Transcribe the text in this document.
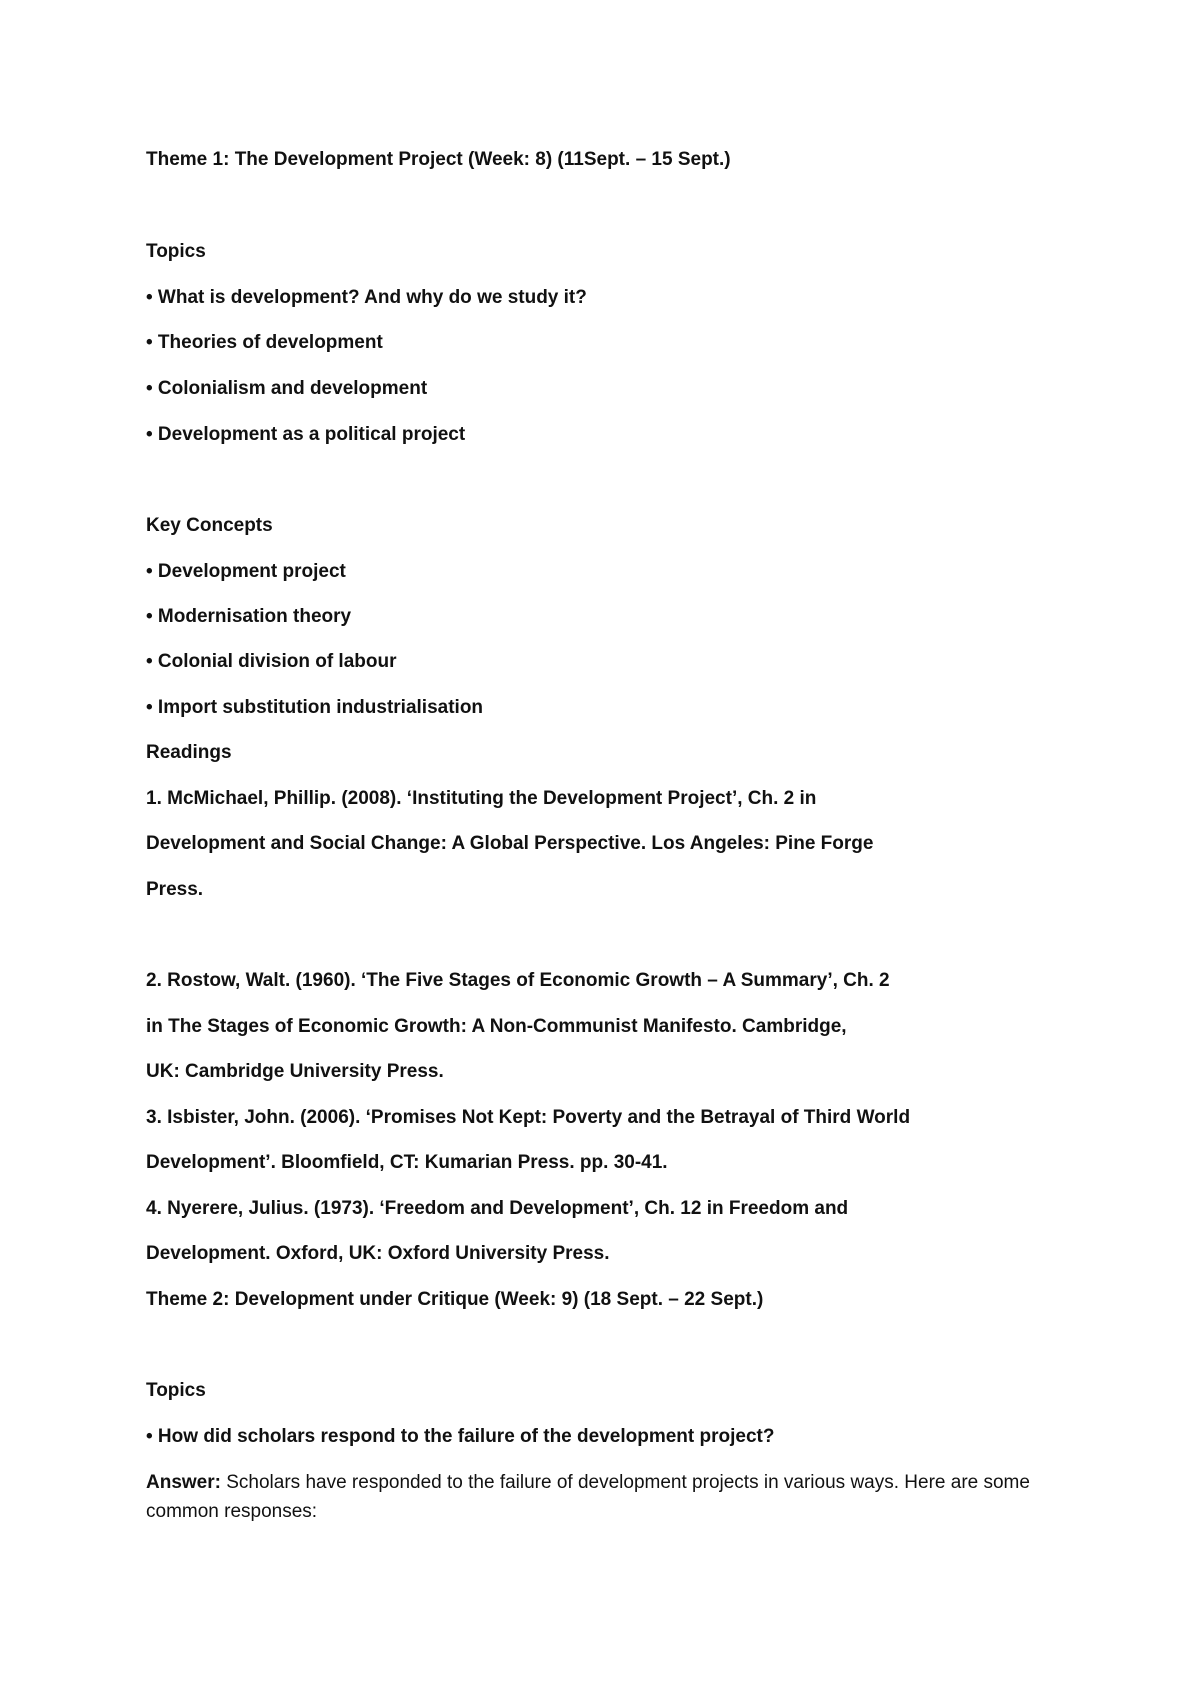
Theme 1: The Development Project (Week: 8) (11Sept. – 15 Sept.)
Topics
• What is development? And why do we study it?
• Theories of development
• Colonialism and development
• Development as a political project
Key Concepts
• Development project
• Modernisation theory
• Colonial division of labour
• Import substitution industrialisation
Readings
1. McMichael, Phillip. (2008). ‘Instituting the Development Project’, Ch. 2 in
Development and Social Change: A Global Perspective. Los Angeles: Pine Forge
Press.
2. Rostow, Walt. (1960). ‘The Five Stages of Economic Growth – A Summary’, Ch. 2
in The Stages of Economic Growth: A Non-Communist Manifesto. Cambridge,
UK: Cambridge University Press.
3. Isbister, John. (2006). ‘Promises Not Kept: Poverty and the Betrayal of Third World
Development’. Bloomfield, CT: Kumarian Press. pp. 30-41.
4. Nyerere, Julius. (1973). ‘Freedom and Development’, Ch. 12 in Freedom and
Development. Oxford, UK: Oxford University Press.
Theme 2: Development under Critique (Week: 9) (18 Sept. – 22 Sept.)
Topics
• How did scholars respond to the failure of the development project?
Answer: Scholars have responded to the failure of development projects in various ways. Here are some common responses:
